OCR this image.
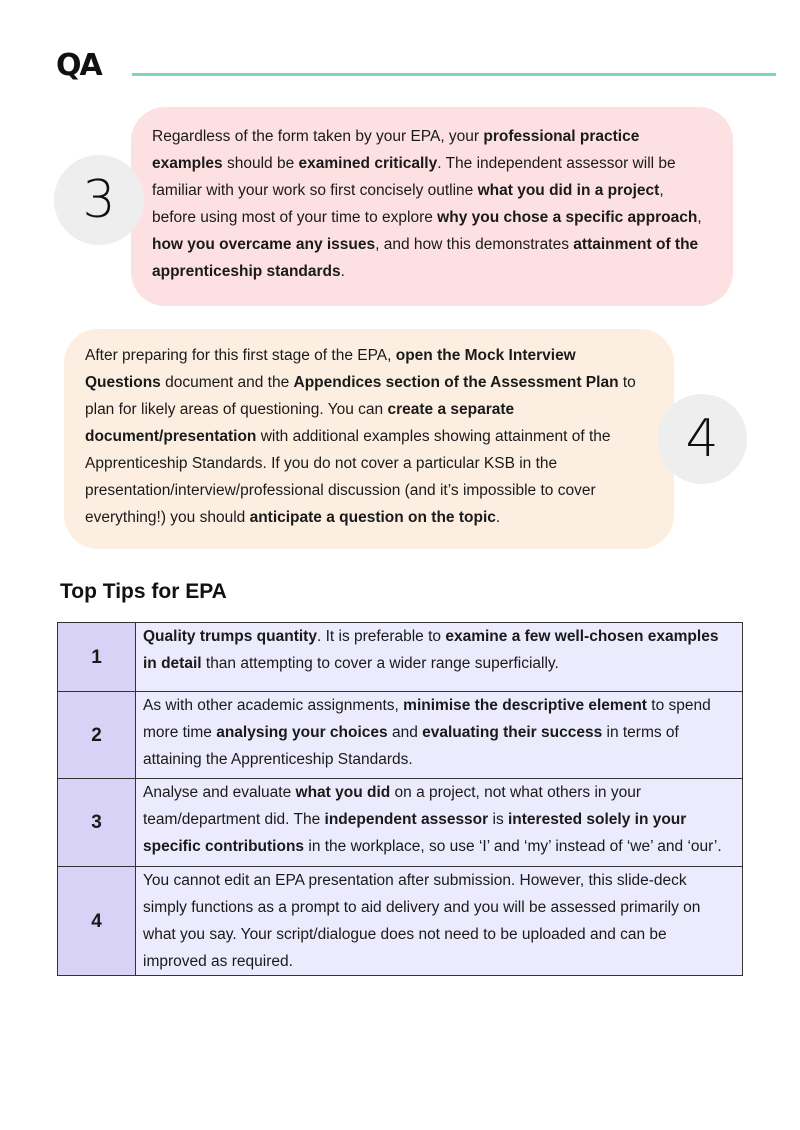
QA
Regardless of the form taken by your EPA, your professional practice examples should be examined critically. The independent assessor will be familiar with your work so first concisely outline what you did in a project, before using most of your time to explore why you chose a specific approach, how you overcame any issues, and how this demonstrates attainment of the apprenticeship standards.
3
After preparing for this first stage of the EPA, open the Mock Interview Questions document and the Appendices section of the Assessment Plan to plan for likely areas of questioning. You can create a separate document/presentation with additional examples showing attainment of the Apprenticeship Standards. If you do not cover a particular KSB in the presentation/interview/professional discussion (and it’s impossible to cover everything!) you should anticipate a question on the topic.
4
Top Tips for EPA
1	Quality trumps quantity. It is preferable to examine a few well-chosen examples in detail than attempting to cover a wider range superficially.
2	As with other academic assignments, minimise the descriptive element to spend more time analysing your choices and evaluating their success in terms of attaining the Apprenticeship Standards.
3	Analyse and evaluate what you did on a project, not what others in your team/department did. The independent assessor is interested solely in your specific contributions in the workplace, so use ‘I’ and ‘my’ instead of ‘we’ and ‘our’.
4	You cannot edit an EPA presentation after submission. However, this slide-deck simply functions as a prompt to aid delivery and you will be assessed primarily on what you say. Your script/dialogue does not need to be uploaded and can be improved as required.
